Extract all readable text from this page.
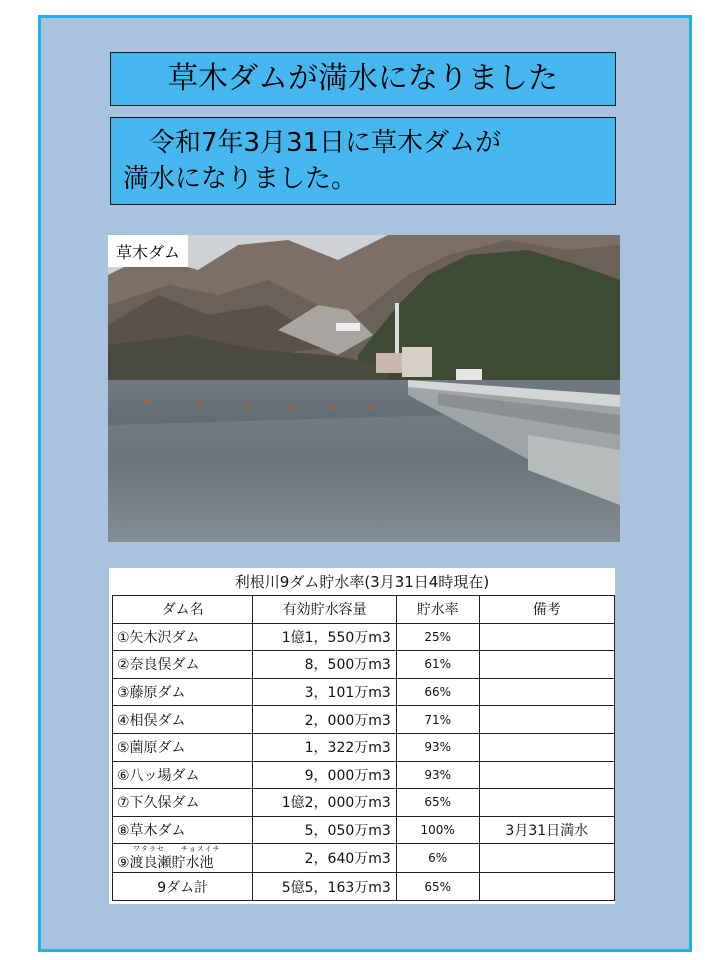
草木ダムが満水になりました
令和7年3月31日に草木ダムが
満水になりました。
草木ダム
利根川9ダム貯水率(3月31日4時現在)
ダム名	有効貯水容量	貯水率	備考
①矢木沢ダム	1億1，550万m3	25%	
②奈良俣ダム	8，500万m3	61%	
③藤原ダム	3，101万m3	66%	
④相俣ダム	2，000万m3	71%	
⑤薗原ダム	1，322万m3	93%	
⑥八ッ場ダム	9，000万m3	93%	
⑦下久保ダム	1億2，000万m3	65%	
⑧草木ダム	5，050万m3	100%	3月31日満水

ワタラセ　　チョスイチ
⑨渡良瀬貯水池	2，640万m3	6%	
9ダム計	5億5，163万m3	65%	
